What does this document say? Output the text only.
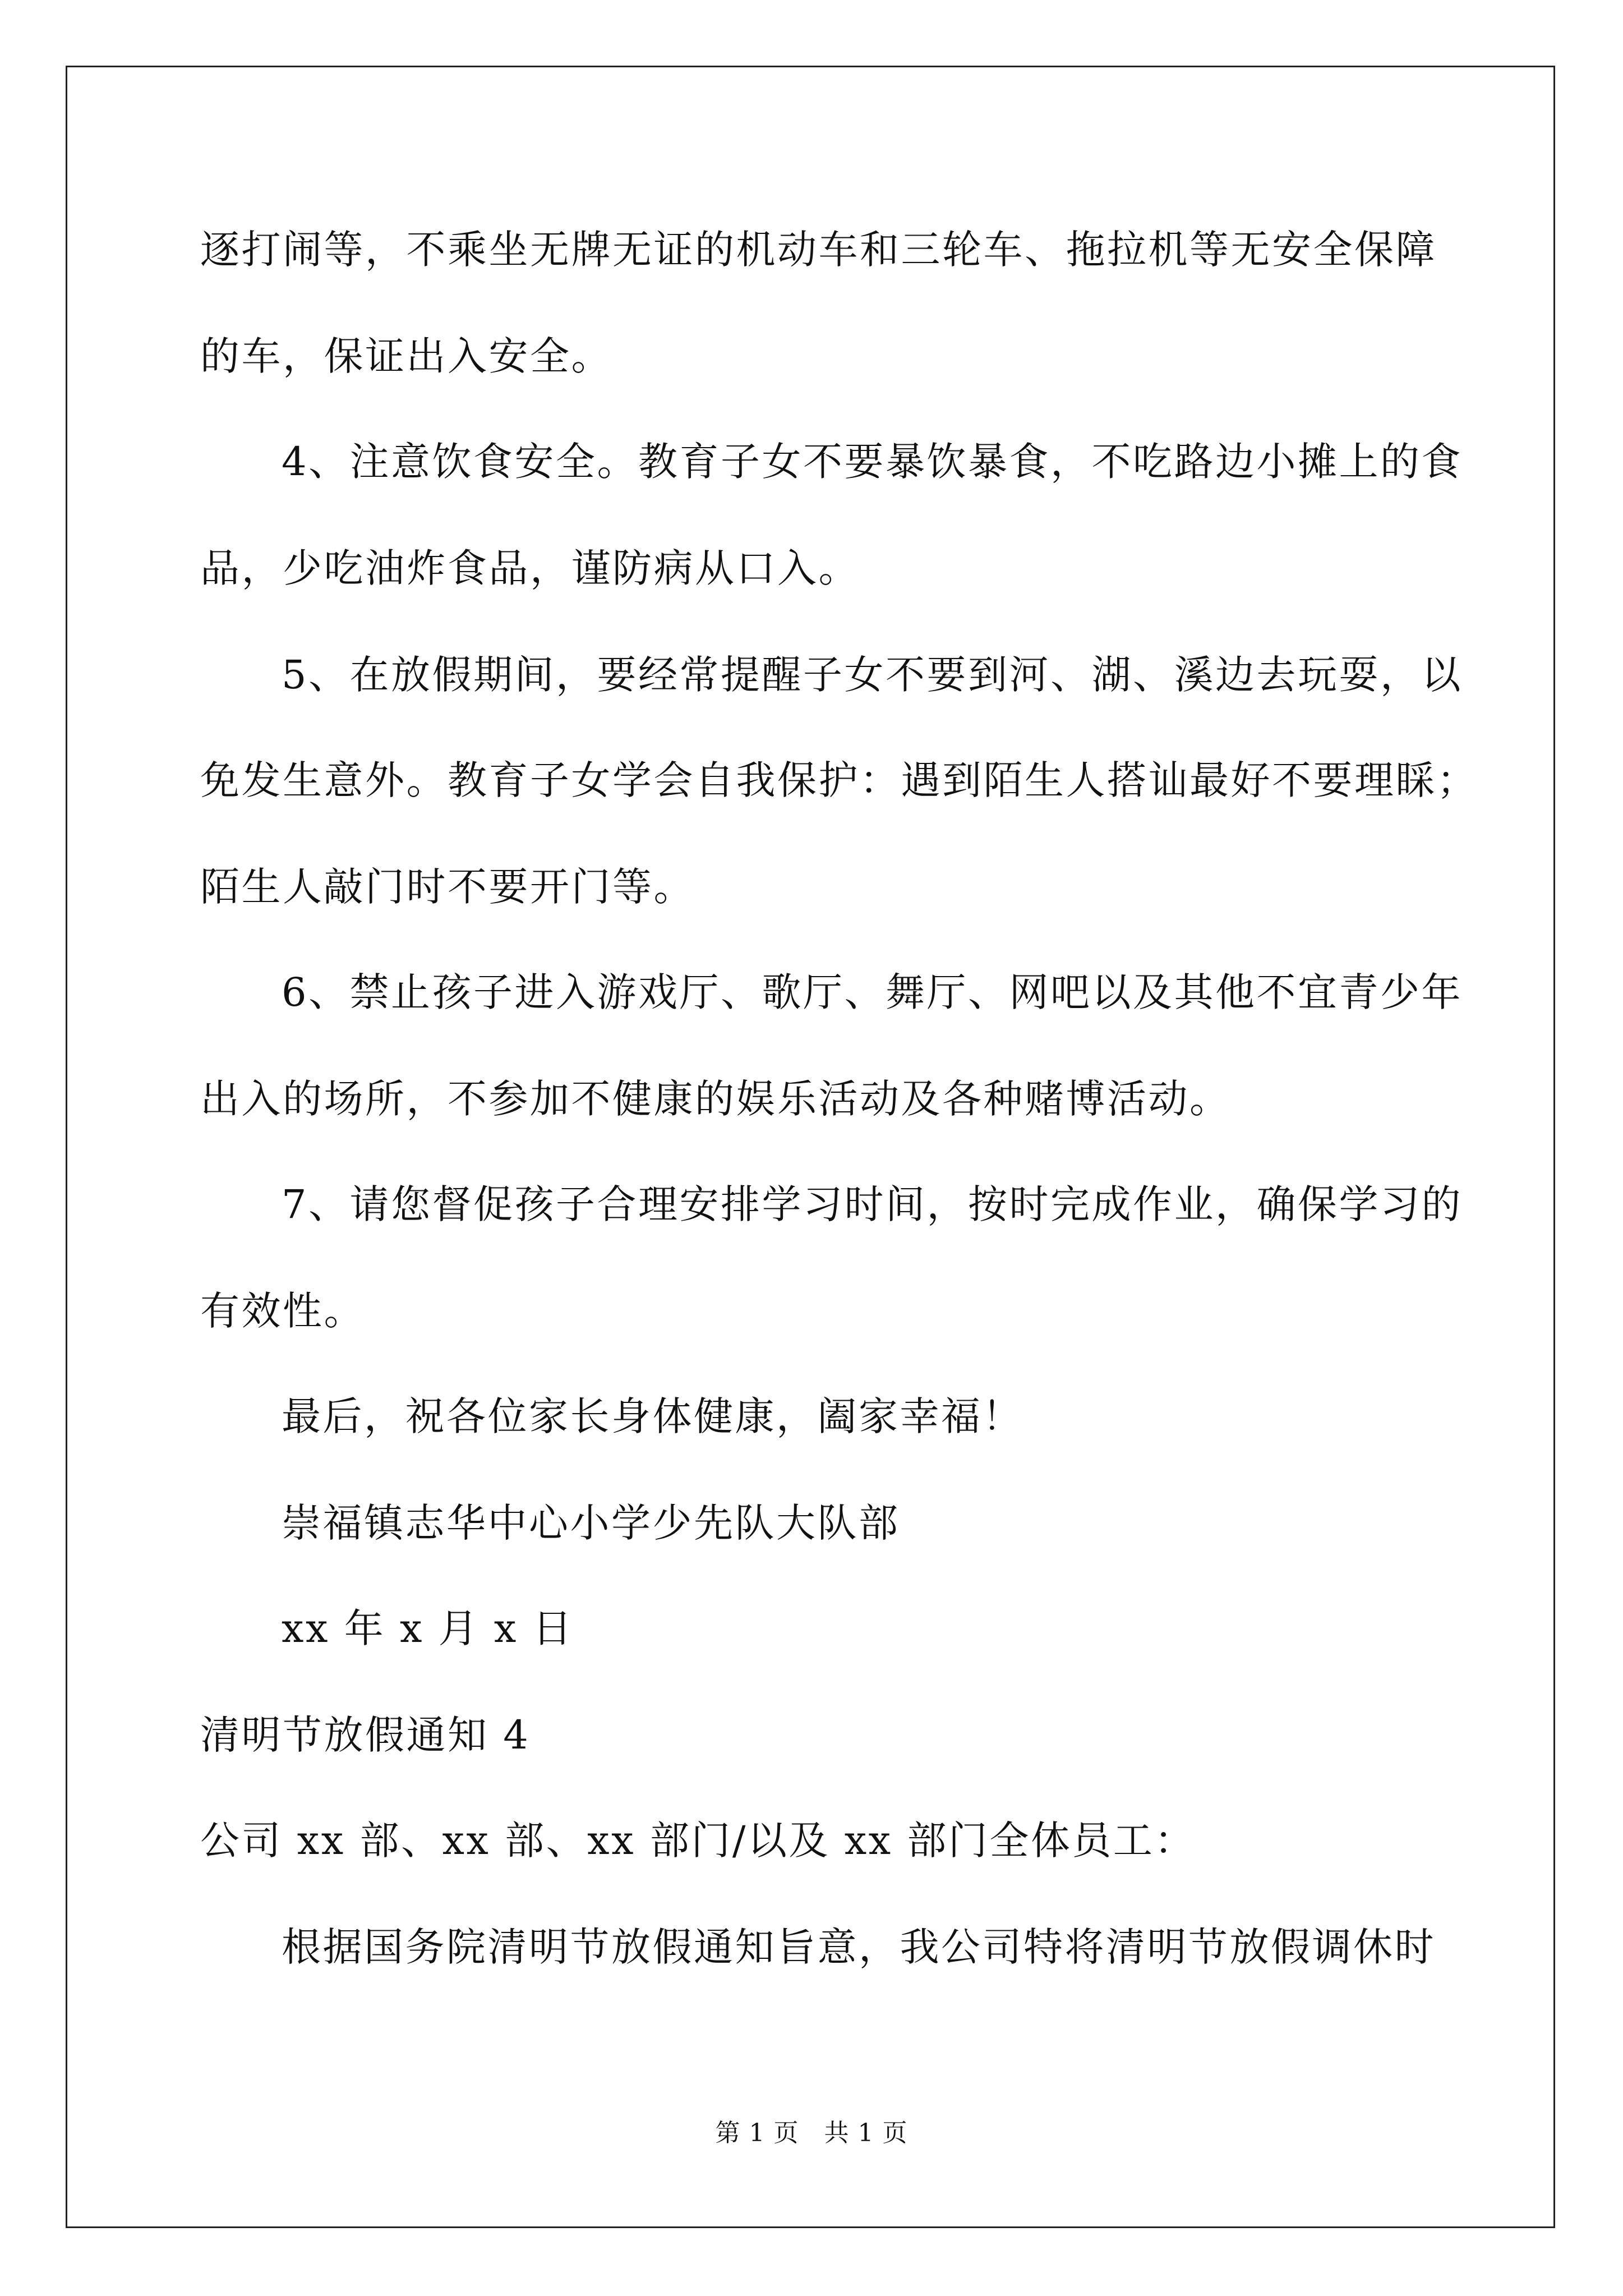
逐打闹等，不乘坐无牌无证的机动车和三轮车、拖拉机等无安全保障

的车，保证出入安全。

4、注意饮食安全。教育子女不要暴饮暴食，不吃路边小摊上的食

品，少吃油炸食品，谨防病从口入。

5、在放假期间，要经常提醒子女不要到河、湖、溪边去玩耍，以

免发生意外。教育子女学会自我保护：遇到陌生人搭讪最好不要理睬；

陌生人敲门时不要开门等。

6、禁止孩子进入游戏厅、歌厅、舞厅、网吧以及其他不宜青少年

出入的场所，不参加不健康的娱乐活动及各种赌博活动。

7、请您督促孩子合理安排学习时间，按时完成作业，确保学习的

有效性。

最后，祝各位家长身体健康，阖家幸福！

崇福镇志华中心小学少先队大队部

xx 年 x 月 x 日

清明节放假通知 4

公司 xx 部、xx 部、xx 部门/以及 xx 部门全体员工：

根据国务院清明节放假通知旨意，我公司特将清明节放假调休时

第 1 页 共 1 页
